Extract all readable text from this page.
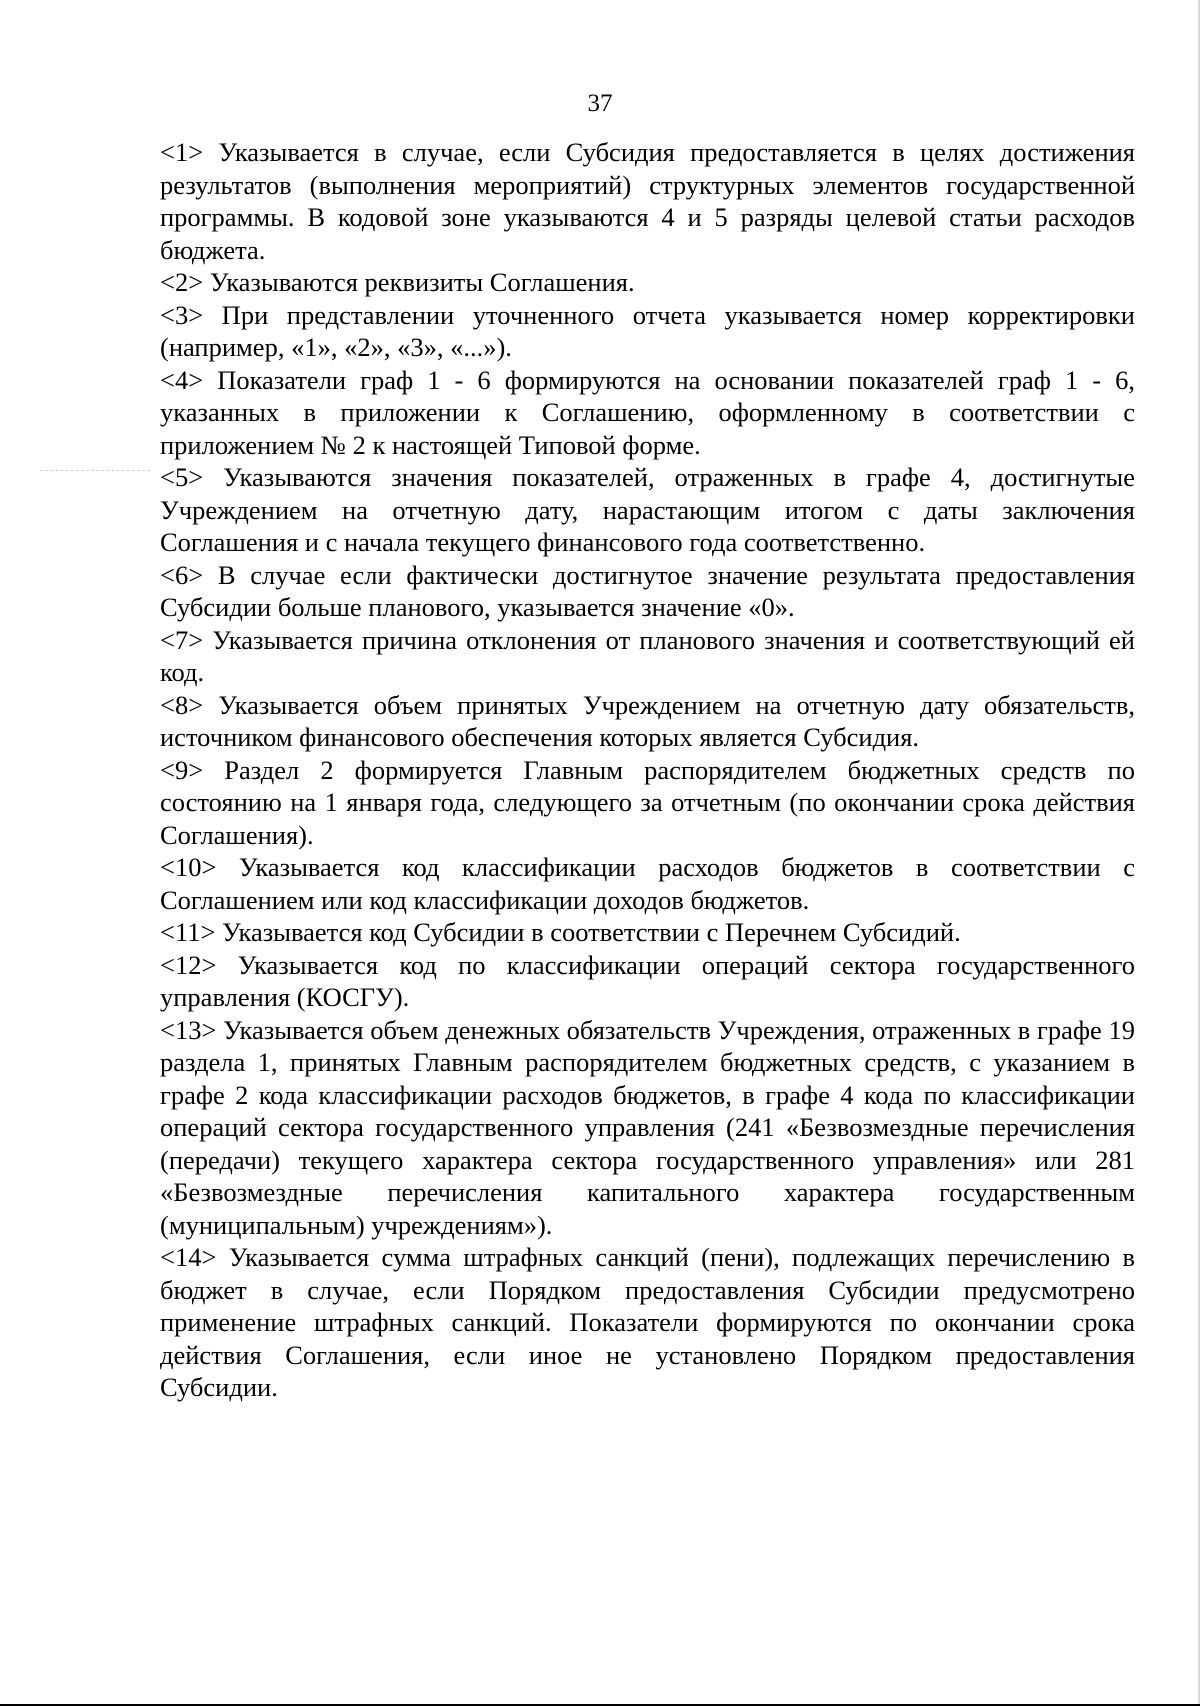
37

<1> Указывается в случае, если Субсидия предоставляется в целях достижения результатов (выполнения мероприятий) структурных элементов государственной программы. В кодовой зоне указываются 4 и 5 разряды целевой статьи расходов бюджета.

<2> Указываются реквизиты Соглашения.

<3> При представлении уточненного отчета указывается номер корректировки (например, «1», «2», «3», «...»).

<4> Показатели граф 1 - 6 формируются на основании показателей граф 1 - 6, указанных в приложении к Соглашению, оформленному в соответствии с приложением № 2 к настоящей Типовой форме.

<5> Указываются значения показателей, отраженных в графе 4, достигнутые Учреждением на отчетную дату, нарастающим итогом с даты заключения Соглашения и с начала текущего финансового года соответственно.

<6> В случае если фактически достигнутое значение результата предоставления Субсидии больше планового, указывается значение «0».

<7> Указывается причина отклонения от планового значения и соответствующий ей код.

<8> Указывается объем принятых Учреждением на отчетную дату обязательств, источником финансового обеспечения которых является Субсидия.

<9> Раздел 2 формируется Главным распорядителем бюджетных средств по состоянию на 1 января года, следующего за отчетным (по окончании срока действия Соглашения).

<10> Указывается код классификации расходов бюджетов в соответствии с Соглашением или код классификации доходов бюджетов.

<11> Указывается код Субсидии в соответствии с Перечнем Субсидий.

<12> Указывается код по классификации операций сектора государственного управления (КОСГУ).

<13> Указывается объем денежных обязательств Учреждения, отраженных в графе 19 раздела 1, принятых Главным распорядителем бюджетных средств, с указанием в графе 2 кода классификации расходов бюджетов, в графе 4 кода по классификации операций сектора государственного управления (241 «Безвозмездные перечисления (передачи) текущего характера сектора государственного управления» или 281 «Безвозмездные перечисления капитального характера государственным (муниципальным) учреждениям»).

<14> Указывается сумма штрафных санкций (пени), подлежащих перечислению в бюджет в случае, если Порядком предоставления Субсидии предусмотрено применение штрафных санкций. Показатели формируются по окончании срока действия Соглашения, если иное не установлено Порядком предоставления Субсидии.
